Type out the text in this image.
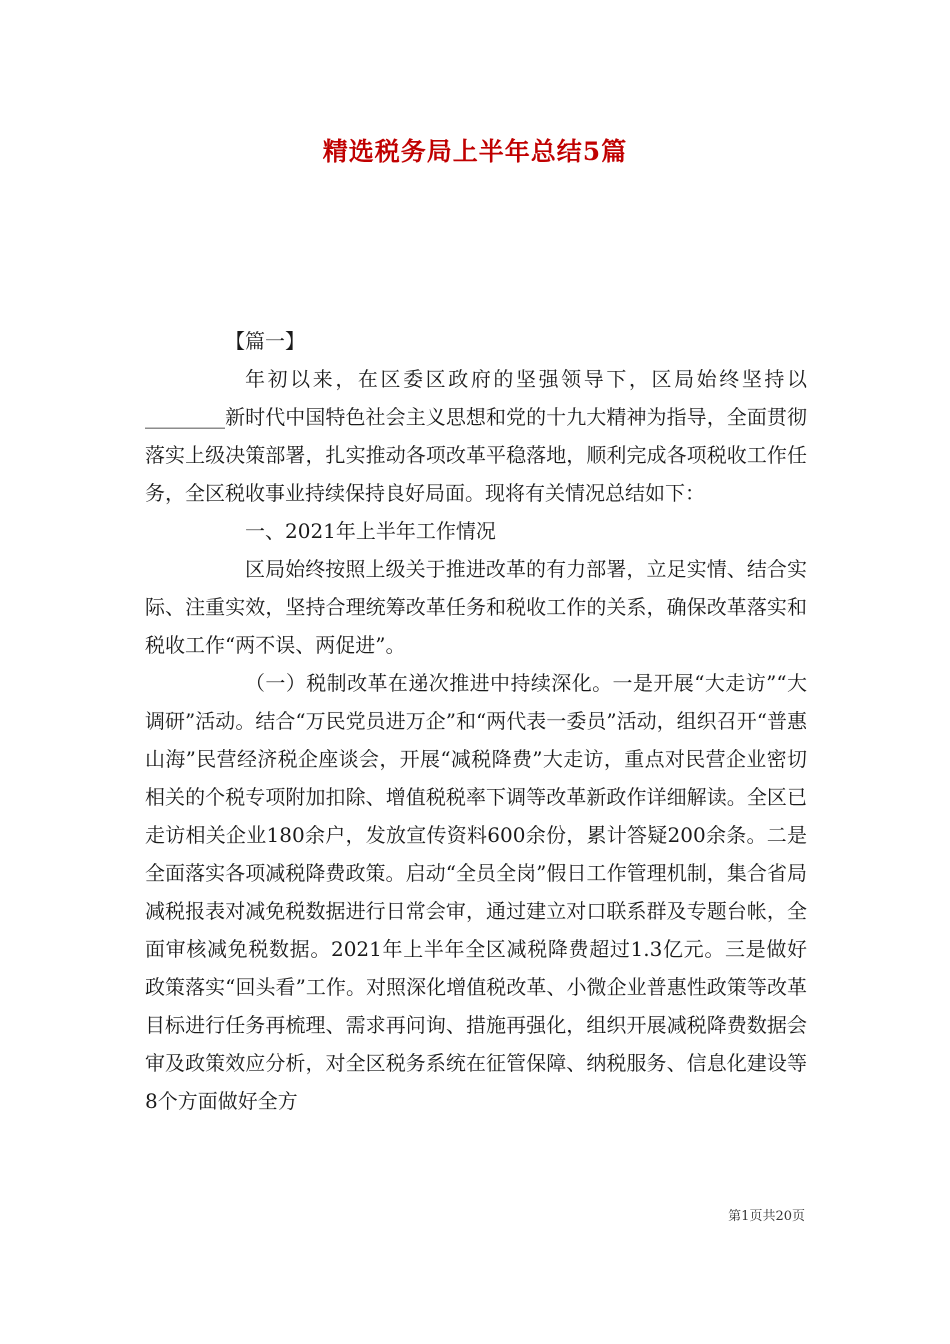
精选税务局上半年总结5篇

【篇一】

年初以来，在区委区政府的坚强领导下，区局始终坚持以________新时代中国特色社会主义思想和党的十九大精神为指导，全面贯彻落实上级决策部署，扎实推动各项改革平稳落地，顺利完成各项税收工作任务，全区税收事业持续保持良好局面。现将有关情况总结如下：

一、2021年上半年工作情况

区局始终按照上级关于推进改革的有力部署，立足实情、结合实际、注重实效，坚持合理统筹改革任务和税收工作的关系，确保改革落实和税收工作“两不误、两促进”。

（一）税制改革在递次推进中持续深化。一是开展“大走访”“大调研”活动。结合“万民党员进万企”和“两代表一委员”活动，组织召开“普惠山海”民营经济税企座谈会，开展“减税降费”大走访，重点对民营企业密切相关的个税专项附加扣除、增值税税率下调等改革新政作详细解读。全区已走访相关企业180余户，发放宣传资料600余份，累计答疑200余条。二是全面落实各项减税降费政策。启动“全员全岗”假日工作管理机制，集合省局减税报表对减免税数据进行日常会审，通过建立对口联系群及专题台帐，全面审核减免税数据。2021年上半年全区减税降费超过1.3亿元。三是做好政策落实“回头看”工作。对照深化增值税改革、小微企业普惠性政策等改革目标进行任务再梳理、需求再问询、措施再强化，组织开展减税降费数据会审及政策效应分析，对全区税务系统在征管保障、纳税服务、信息化建设等8个方面做好全方

第1页共20页
